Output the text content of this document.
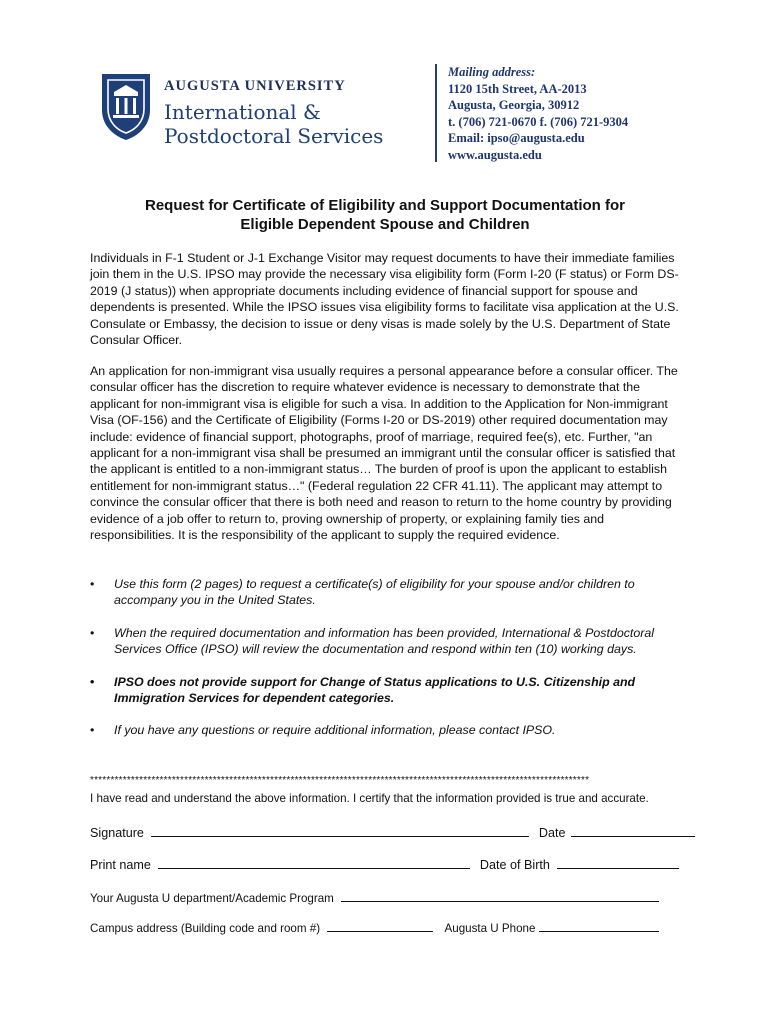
AUGUSTA UNIVERSITY
International &
Postdoctoral Services
Mailing address:
1120 15th Street, AA-2013
Augusta, Georgia, 30912
t. (706) 721-0670 f. (706) 721-9304
Email: ipso@augusta.edu
www.augusta.edu
Request for Certificate of Eligibility and Support Documentation for
Eligible Dependent Spouse and Children
Individuals in F-1 Student or J-1 Exchange Visitor may request documents to have their immediate families join them in the U.S. IPSO may provide the necessary visa eligibility form (Form I-20 (F status) or Form DS-2019 (J status)) when appropriate documents including evidence of financial support for spouse and dependents is presented. While the IPSO issues visa eligibility forms to facilitate visa application at the U.S. Consulate or Embassy, the decision to issue or deny visas is made solely by the U.S. Department of State Consular Officer.
An application for non-immigrant visa usually requires a personal appearance before a consular officer. The consular officer has the discretion to require whatever evidence is necessary to demonstrate that the applicant for non-immigrant visa is eligible for such a visa. In addition to the Application for Non-immigrant Visa (OF-156) and the Certificate of Eligibility (Forms I-20 or DS-2019) other required documentation may include: evidence of financial support, photographs, proof of marriage, required fee(s), etc. Further, "an applicant for a non-immigrant visa shall be presumed an immigrant until the consular officer is satisfied that the applicant is entitled to a non-immigrant status… The burden of proof is upon the applicant to establish entitlement for non-immigrant status…" (Federal regulation 22 CFR 41.11). The applicant may attempt to convince the consular officer that there is both need and reason to return to the home country by providing evidence of a job offer to return to, proving ownership of property, or explaining family ties and responsibilities. It is the responsibility of the applicant to supply the required evidence.
• Use this form (2 pages) to request a certificate(s) of eligibility for your spouse and/or children to accompany you in the United States.
• When the required documentation and information has been provided, International & Postdoctoral Services Office (IPSO) will review the documentation and respond within ten (10) working days.
• IPSO does not provide support for Change of Status applications to U.S. Citizenship and Immigration Services for dependent categories.
• If you have any questions or require additional information, please contact IPSO.
**************************************************************************************************************************
I have read and understand the above information. I certify that the information provided is true and accurate.
Signature	Date
Print name	Date of Birth
Your Augusta U department/Academic Program
Campus address (Building code and room #)	Augusta U Phone
